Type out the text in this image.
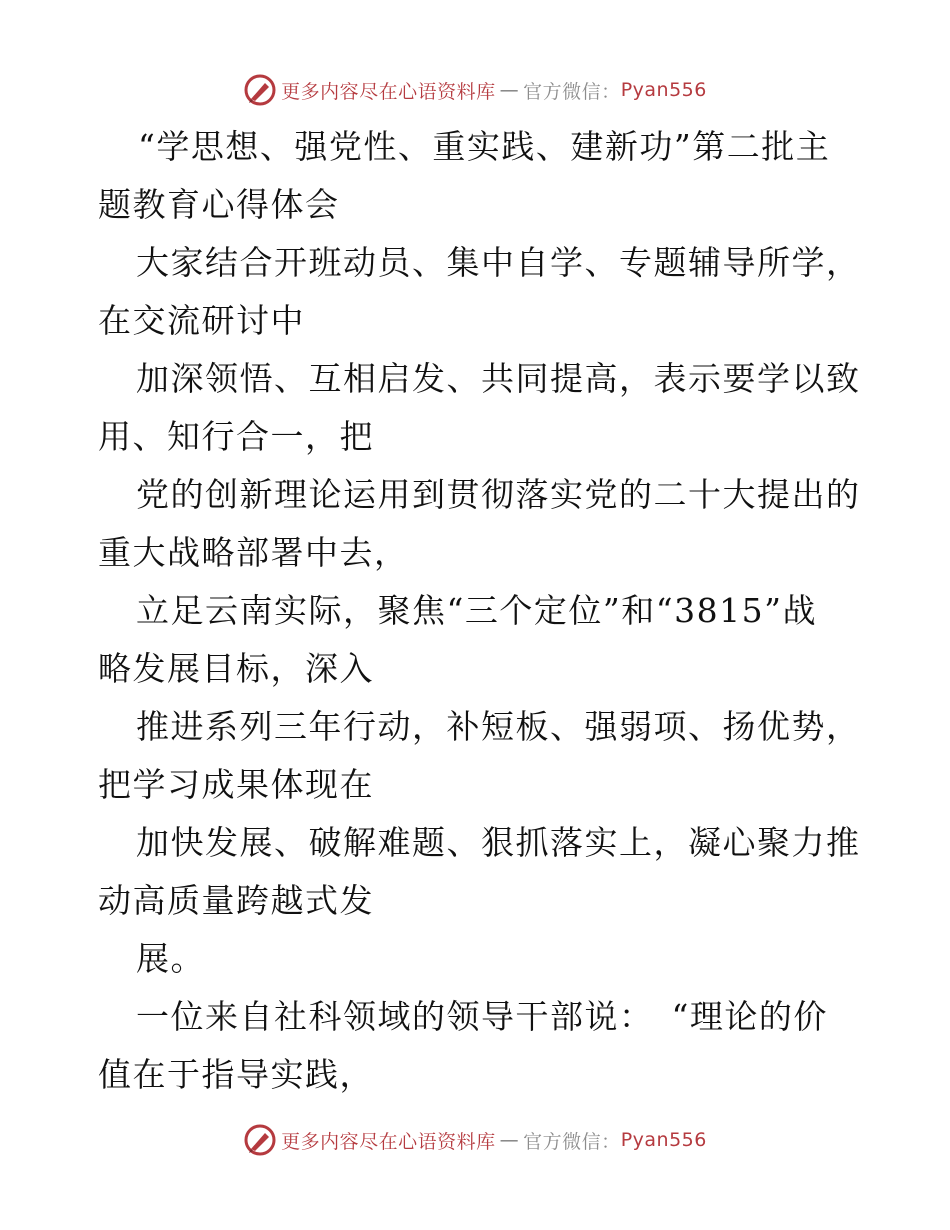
更多内容尽在心语资料库 — 官方微信： Pyan556
“学思想、强党性、重实践、建新功”第二批主
题教育心得体会
大家结合开班动员、集中自学、专题辅导所学，
在交流研讨中
加深领悟、互相启发、共同提高，表示要学以致
用、知行合一，把
党的创新理论运用到贯彻落实党的二十大提出的
重大战略部署中去，
立足云南实际，聚焦“三个定位”和“3815”战
略发展目标，深入
推进系列三年行动，补短板、强弱项、扬优势，
把学习成果体现在
加快发展、破解难题、狠抓落实上，凝心聚力推
动高质量跨越式发
展。
一位来自社科领域的领导干部说：　“理论的价
值在于指导实践，
更多内容尽在心语资料库 — 官方微信： Pyan556
